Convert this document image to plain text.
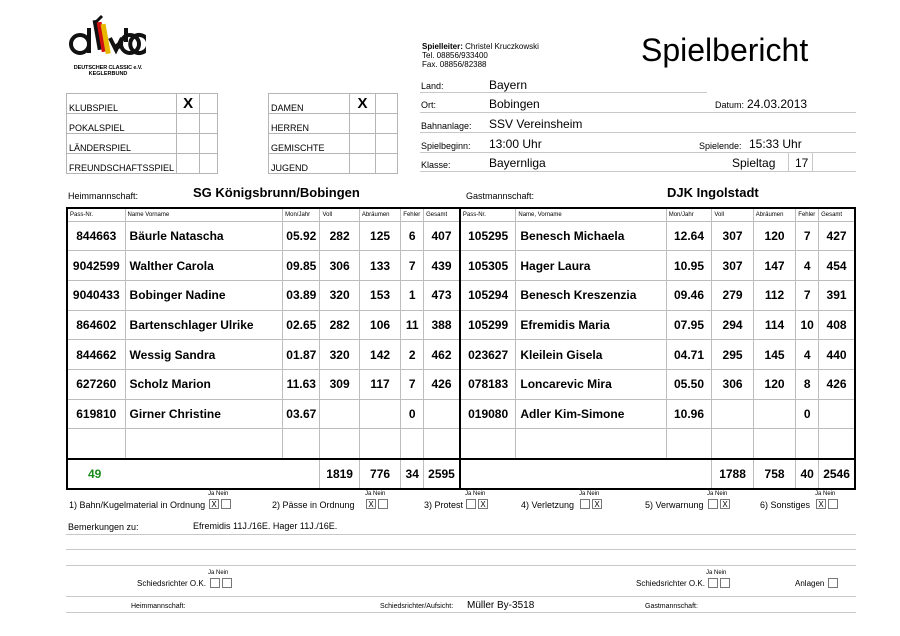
DEUTSCHER CLASSIC e.V.
KEGLERBUND
Spielleiter: Christel Kruczkowski
Tel. 08856/933400
Fax. 08856/82388	Spielbericht
KLUBSPIEL	X	
POKALSPIEL		
LÄNDERSPIEL		
FREUNDSCHAFTSSPIEL		
DAMEN	X	
HERREN		
GEMISCHTE		
JUGEND		
Land:	Bayern
Ort:	Bobingen	Datum: 24.03.2013
Bahnanlage: SSV Vereinsheim
Spielbeginn: 13:00 Uhr	Spielende: 15:33 Uhr
Klasse:	Bayernliga	Spieltag 17
Heimmannschaft:	SG Königsbrunn/Bobingen	Gastmannschaft:	DJK Ingolstadt
Pass-Nr.	Name Vorname	Mon/Jahr	Voll	Abräumen	Fehler	Gesamt	Pass-Nr.	Name, Vorname	Mon/Jahr	Voll	Abräumen	Fehler	Gesamt
844663	Bäurle Natascha	05.92	282	125	6	407	105295	Benesch Michaela	12.64	307	120	7	427
9042599	Walther Carola	09.85	306	133	7	439	105305	Hager Laura	10.95	307	147	4	454
9040433	Bobinger Nadine	03.89	320	153	1	473	105294	Benesch Kreszenzia	09.46	279	112	7	391
864602	Bartenschlager Ulrike	02.65	282	106	11	388	105299	Efremidis Maria	07.95	294	114	10	408
844662	Wessig Sandra	01.87	320	142	2	462	023627	Kleilein Gisela	04.71	295	145	4	440
627260	Scholz Marion	11.63	309	117	7	426	078183	Loncarevic Mira	05.50	306	120	8	426
619810	Girner Christine	03.67			0		019080	Adler Kim-Simone	10.96			0	

49			1819	776	34	2595				1788	758	40	2546
Ja Nein
1) Bahn/Kugelmaterial in Ordnung X
Ja Nein
2) Pässe in Ordnung X
Ja Nein
3) Protest X
Ja Nein
4) Verletzung	X
Ja Nein
5) Verwarnung X
Ja Nein
6) Sonstiges X
Bemerkungen zu:	Efremidis 11J./16E. Hager 11J./16E.
Ja Nein
Schiedsrichter O.K.
Ja Nein
Schiedsrichter O.K.	Anlagen
Heimmannschaft:	Schiedsrichter/Aufsicht: Müller By-3518	Gastmannschaft:
